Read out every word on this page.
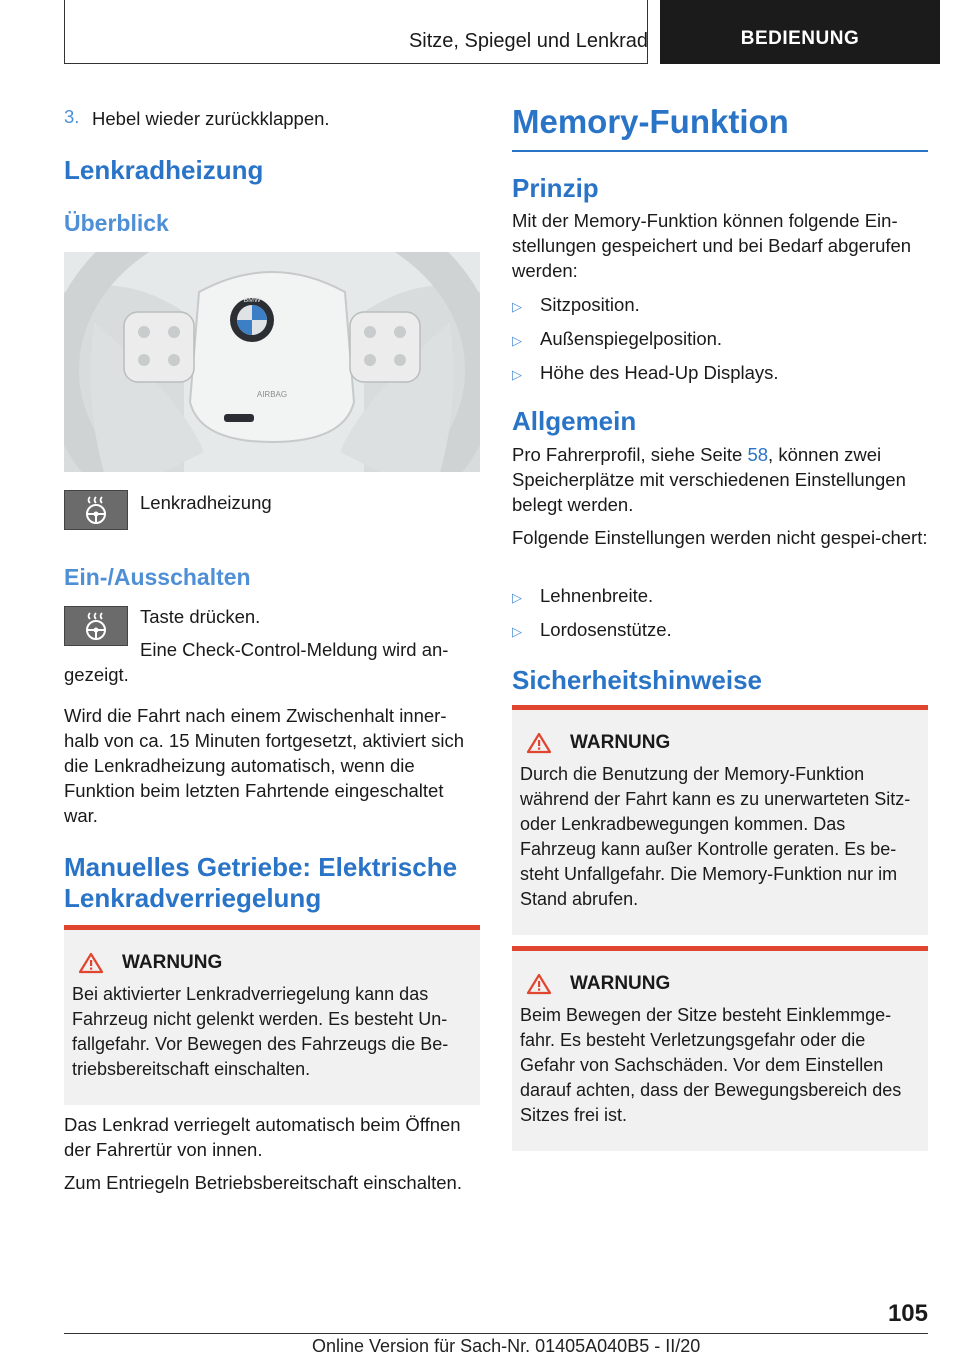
Sitze, Spiegel und Lenkrad	BEDIENUNG
3. Hebel wieder zurückklappen.

Lenkradheizung
Überblick
BMW
AIRBAG

Lenkradheizung

Ein-/Ausschalten

Taste drücken.

Eine Check-Control-Meldung wird an-gezeigt.

Wird die Fahrt nach einem Zwischenhalt inner-halb von ca. 15 Minuten fortgesetzt, aktiviert sich die Lenkradheizung automatisch, wenn die Funktion beim letzten Fahrtende eingeschaltet war.

Manuelles Getriebe: Elektrische Lenkradverriegelung
WARNUNG

Bei aktivierter Lenkradverriegelung kann das Fahrzeug nicht gelenkt werden. Es besteht Un-fallgefahr. Vor Bewegen des Fahrzeugs die Be-triebsbereitschaft einschalten.

Das Lenkrad verriegelt automatisch beim Öffnen der Fahrertür von innen.

Zum Entriegeln Betriebsbereitschaft einschalten.

Memory-Funktion
Prinzip

Mit der Memory-Funktion können folgende Ein-stellungen gespeichert und bei Bedarf abgerufen werden:

▷ Sitzposition.
▷ Außenspiegelposition.
▷ Höhe des Head-Up Displays.
Allgemein

Pro Fahrerprofil, siehe Seite 58, können zwei Speicherplätze mit verschiedenen Einstellungen belegt werden.

Folgende Einstellungen werden nicht gespei-chert:

▷ Lehnenbreite.
▷ Lordosenstütze.
Sicherheitshinweise
WARNUNG

Durch die Benutzung der Memory-Funktion während der Fahrt kann es zu unerwarteten Sitz- oder Lenkradbewegungen kommen. Das Fahrzeug kann außer Kontrolle geraten. Es be-steht Unfallgefahr. Die Memory-Funktion nur im Stand abrufen.

WARNUNG

Beim Bewegen der Sitze besteht Einklemmge-fahr. Es besteht Verletzungsgefahr oder die Gefahr von Sachschäden. Vor dem Einstellen darauf achten, dass der Bewegungsbereich des Sitzes frei ist.

105
Online Version für Sach-Nr. 01405A040B5 - II/20
